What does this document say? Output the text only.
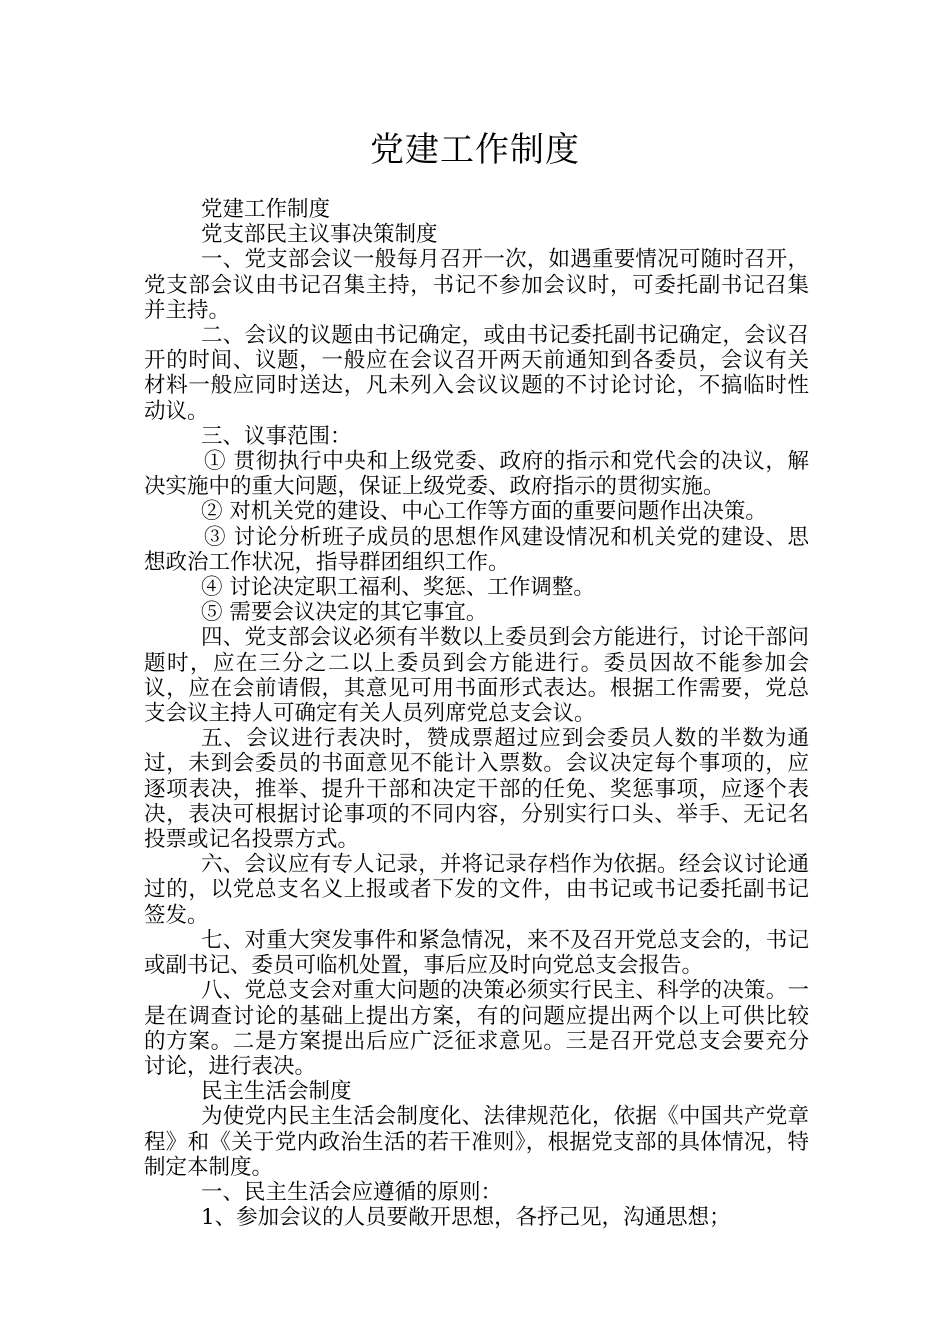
党建工作制度

党建工作制度

党支部民主议事决策制度

一、党支部会议一般每月召开一次，如遇重要情况可随时召开，党支部会议由书记召集主持，书记不参加会议时，可委托副书记召集并主持。

二、会议的议题由书记确定，或由书记委托副书记确定，会议召开的时间、议题，一般应在会议召开两天前通知到各委员，会议有关材料一般应同时送达，凡未列入会议议题的不讨论讨论，不搞临时性动议。

三、议事范围：

① 贯彻执行中央和上级党委、政府的指示和党代会的决议，解决实施中的重大问题，保证上级党委、政府指示的贯彻实施。

② 对机关党的建设、中心工作等方面的重要问题作出决策。

③ 讨论分析班子成员的思想作风建设情况和机关党的建设、思想政治工作状况，指导群团组织工作。

④ 讨论决定职工福利、奖惩、工作调整。

⑤ 需要会议决定的其它事宜。

四、党支部会议必须有半数以上委员到会方能进行，讨论干部问题时，应在三分之二以上委员到会方能进行。委员因故不能参加会议，应在会前请假，其意见可用书面形式表达。根据工作需要，党总支会议主持人可确定有关人员列席党总支会议。

五、会议进行表决时，赞成票超过应到会委员人数的半数为通过，未到会委员的书面意见不能计入票数。会议决定每个事项的，应逐项表决，推举、提升干部和决定干部的任免、奖惩事项，应逐个表决，表决可根据讨论事项的不同内容，分别实行口头、举手、无记名投票或记名投票方式。

六、会议应有专人记录，并将记录存档作为依据。经会议讨论通过的，以党总支名义上报或者下发的文件，由书记或书记委托副书记签发。

七、对重大突发事件和紧急情况，来不及召开党总支会的，书记或副书记、委员可临机处置，事后应及时向党总支会报告。

八、党总支会对重大问题的决策必须实行民主、科学的决策。一是在调查讨论的基础上提出方案，有的问题应提出两个以上可供比较的方案。二是方案提出后应广泛征求意见。三是召开党总支会要充分讨论，进行表决。

民主生活会制度

为使党内民主生活会制度化、法律规范化，依据《中国共产党章程》和《关于党内政治生活的若干准则》，根据党支部的具体情况，特制定本制度。

一、民主生活会应遵循的原则：

1、参加会议的人员要敞开思想，各抒己见，沟通思想；
